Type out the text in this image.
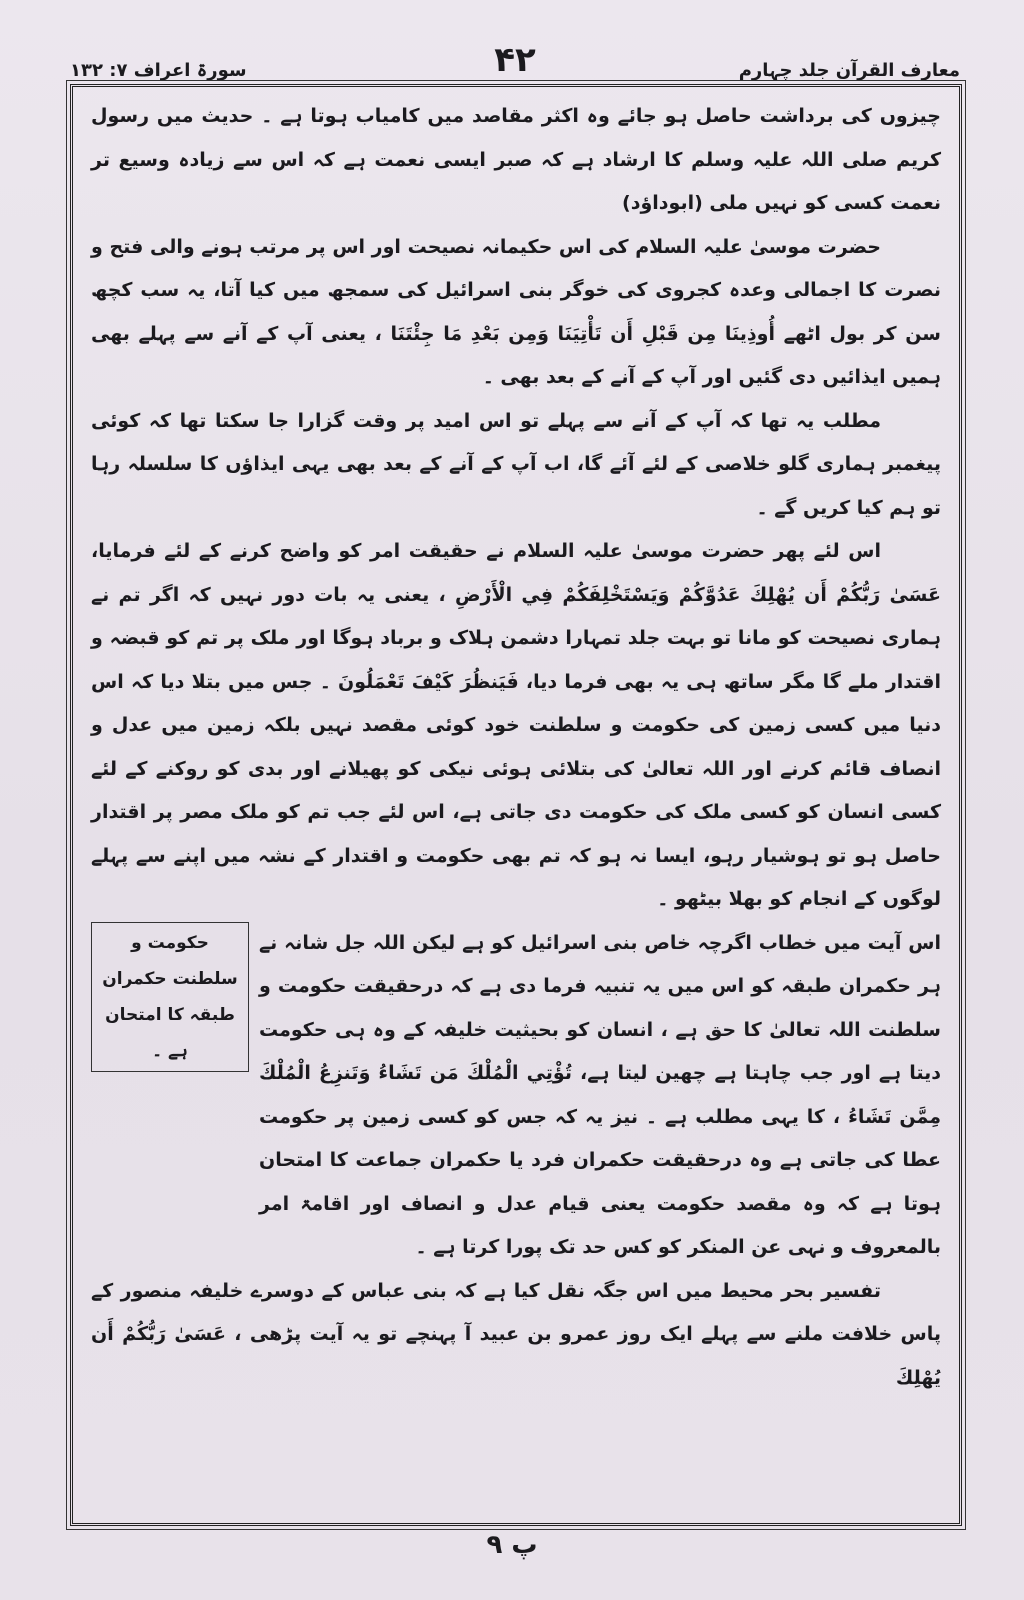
معارف القرآن جلد چہارم
۴۲
سورۃ اعراف ۷: ۱۳۲

چیزوں کی برداشت حاصل ہو جائے وہ اکثر مقاصد میں کامیاب ہوتا ہے ۔ حدیث میں رسول کریم صلی اللہ علیہ وسلم کا ارشاد ہے کہ صبر ایسی نعمت ہے کہ اس سے زیادہ وسیع تر نعمت کسی کو نہیں ملی (ابوداؤد)

حضرت موسیٰ علیہ السلام کی اس حکیمانہ نصیحت اور اس پر مرتب ہونے والی فتح و نصرت کا اجمالی وعدہ کجروی کی خوگر بنی اسرائیل کی سمجھ میں کیا آتا، یہ سب کچھ سن کر بول اٹھے أُوذِينَا مِن قَبْلِ أَن تَأْتِيَنَا وَمِن بَعْدِ مَا جِئْتَنَا ، یعنی آپ کے آنے سے پہلے بھی ہمیں ایذائیں دی گئیں اور آپ کے آنے کے بعد بھی ۔

مطلب یہ تھا کہ آپ کے آنے سے پہلے تو اس امید پر وقت گزارا جا سکتا تھا کہ کوئی پیغمبر ہماری گلو خلاصی کے لئے آئے گا، اب آپ کے آنے کے بعد بھی یہی ایذاؤں کا سلسلہ رہا تو ہم کیا کریں گے ۔

اس لئے پھر حضرت موسیٰ علیہ السلام نے حقیقت امر کو واضح کرنے کے لئے فرمایا، عَسَىٰ رَبُّكُمْ أَن يُهْلِكَ عَدُوَّكُمْ وَيَسْتَخْلِفَكُمْ فِي الْأَرْضِ ، یعنی یہ بات دور نہیں کہ اگر تم نے ہماری نصیحت کو مانا تو بہت جلد تمہارا دشمن ہلاک و برباد ہوگا اور ملک پر تم کو قبضہ و اقتدار ملے گا مگر ساتھ ہی یہ بھی فرما دیا، فَيَنظُرَ كَيْفَ تَعْمَلُونَ ۔ جس میں بتلا دیا کہ اس دنیا میں کسی زمین کی حکومت و سلطنت خود کوئی مقصد نہیں بلکہ زمین میں عدل و انصاف قائم کرنے اور اللہ تعالیٰ کی بتلائی ہوئی نیکی کو پھیلانے اور بدی کو روکنے کے لئے کسی انسان کو کسی ملک کی حکومت دی جاتی ہے، اس لئے جب تم کو ملک مصر پر اقتدار حاصل ہو تو ہوشیار رہو، ایسا نہ ہو کہ تم بھی حکومت و اقتدار کے نشہ میں اپنے سے پہلے لوگوں کے انجام کو بھلا بیٹھو ۔

اس آیت میں خطاب اگرچہ خاص بنی اسرائیل کو ہے لیکن اللہ جل شانہ نے ہر حکمران طبقہ کو اس میں یہ تنبیہ فرما دی ہے کہ درحقیقت حکومت و سلطنت اللہ تعالیٰ کا حق ہے ، انسان کو بحیثیت خلیفہ کے وہ ہی حکومت دیتا ہے اور جب چاہتا ہے چھین لیتا ہے، تُؤْتِي الْمُلْكَ مَن تَشَاءُ وَتَنزِعُ الْمُلْكَ مِمَّن تَشَاءُ ، کا یہی مطلب ہے ۔ نیز یہ کہ جس کو کسی زمین پر حکومت عطا کی جاتی ہے وہ درحقیقت حکمران فرد یا حکمران جماعت کا امتحان ہوتا ہے کہ وہ مقصد حکومت یعنی قیام عدل و انصاف اور اقامۃ امر بالمعروف و نہی عن المنکر کو کس حد تک پورا کرتا ہے ۔

حکومت و سلطنت حکمران طبقہ کا امتحان ہے ۔

تفسیر بحر محیط میں اس جگہ نقل کیا ہے کہ بنی عباس کے دوسرے خلیفہ منصور کے پاس خلافت ملنے سے پہلے ایک روز عمرو بن عبید آ پہنچے تو یہ آیت پڑھی ، عَسَىٰ رَبُّكُمْ أَن يُهْلِكَ

پ ۹
